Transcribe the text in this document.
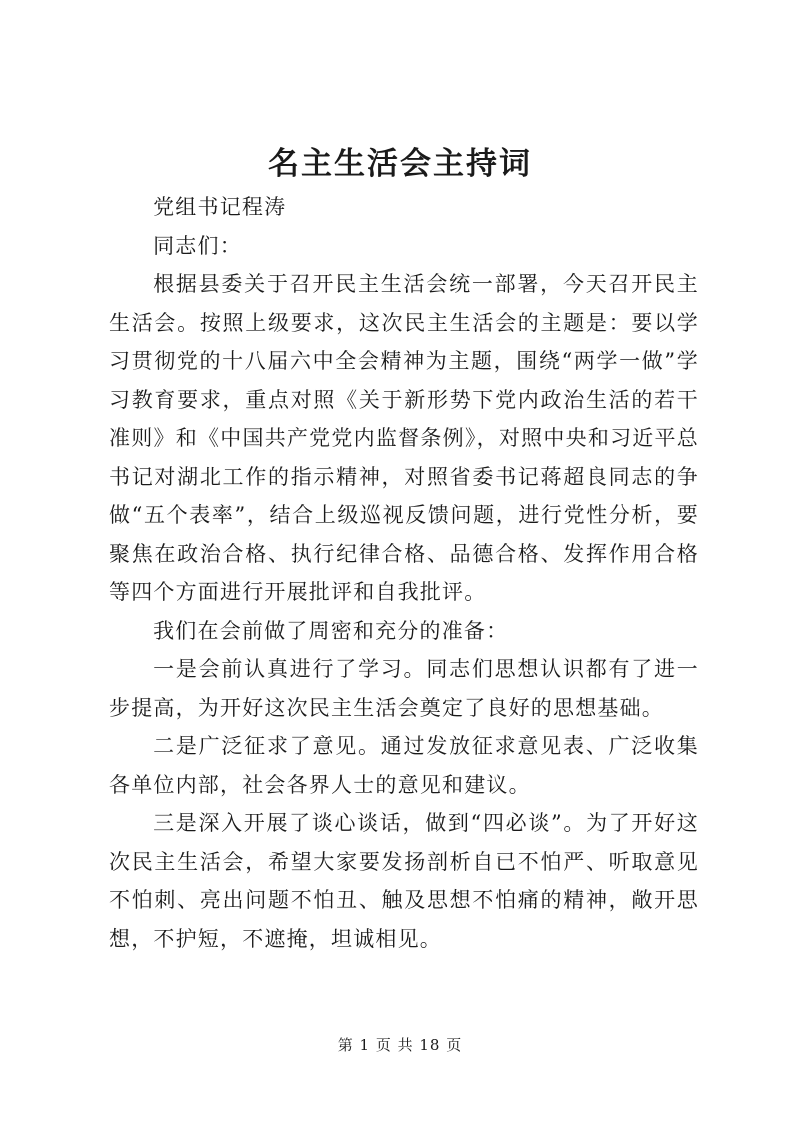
名主生活会主持词

党组书记程涛

同志们：

根据县委关于召开民主生活会统一部署，今天召开民主生活会。按照上级要求，这次民主生活会的主题是：要以学习贯彻党的十八届六中全会精神为主题，围绕“两学一做”学习教育要求，重点对照《关于新形势下党内政治生活的若干准则》和《中国共产党党内监督条例》，对照中央和习近平总书记对湖北工作的指示精神，对照省委书记蒋超良同志的争做“五个表率”，结合上级巡视反馈问题，进行党性分析，要聚焦在政治合格、执行纪律合格、品德合格、发挥作用合格等四个方面进行开展批评和自我批评。

我们在会前做了周密和充分的准备：

一是会前认真进行了学习。同志们思想认识都有了进一步提高，为开好这次民主生活会奠定了良好的思想基础。

二是广泛征求了意见。通过发放征求意见表、广泛收集各单位内部，社会各界人士的意见和建议。

三是深入开展了谈心谈话，做到“四必谈”。为了开好这次民主生活会，希望大家要发扬剖析自已不怕严、听取意见不怕刺、亮出问题不怕丑、触及思想不怕痛的精神，敞开思想，不护短，不遮掩，坦诚相见。

第 1 页 共 18 页
